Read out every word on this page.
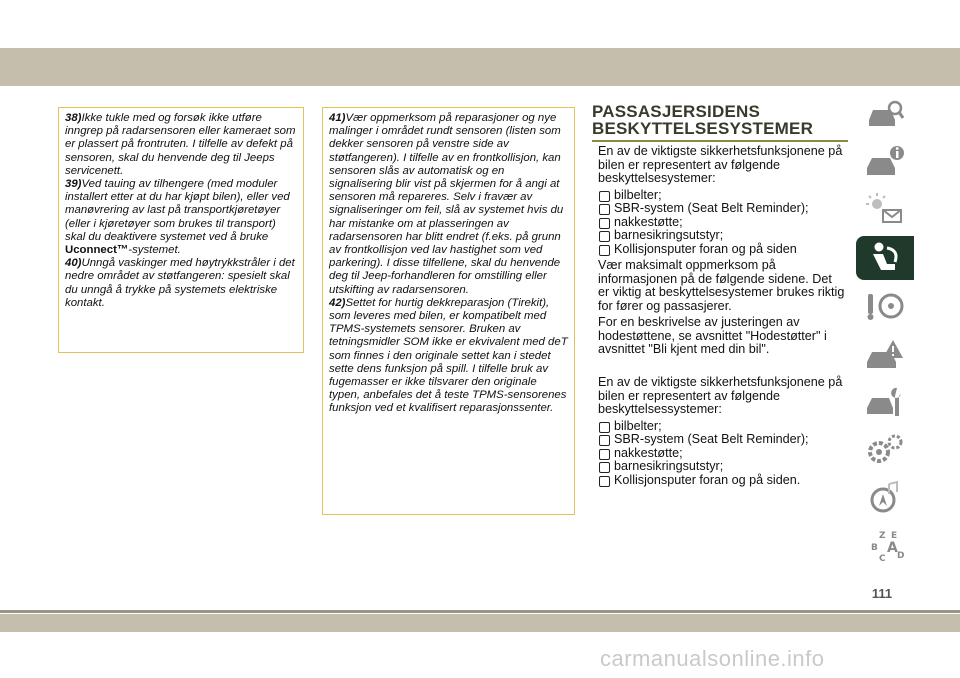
38)Ikke tukle med og forsøk ikke utføre inngrep på radarsensoren eller kameraet som er plassert på frontruten. I tilfelle av defekt på sensoren, skal du henvende deg til Jeeps servicenett.

39)Ved tauing av tilhengere (med moduler installert etter at du har kjøpt bilen), eller ved manøvrering av last på transportkjøretøyer (eller i kjøretøyer som brukes til transport) skal du deaktivere systemet ved å bruke Uconnect™-systemet.

40)Unngå vaskinger med høytrykkstråler i det nedre området av støtfangeren: spesielt skal du unngå å trykke på systemets elektriske kontakt.

41)Vær oppmerksom på reparasjoner og nye malinger i området rundt sensoren (listen som dekker sensoren på venstre side av støtfangeren). I tilfelle av en frontkollisjon, kan sensoren slås av automatisk og en signalisering blir vist på skjermen for å angi at sensoren må repareres. Selv i fravær av signaliseringer om feil, slå av systemet hvis du har mistanke om at plasseringen av radarsensoren har blitt endret (f.eks. på grunn av frontkollisjon ved lav hastighet som ved parkering). I disse tilfellene, skal du henvende deg til Jeep-forhandleren for omstilling eller utskifting av radarsensoren.

42)Settet for hurtig dekkreparasjon (Tirekit), som leveres med bilen, er kompatibelt med TPMS-systemets sensorer. Bruken av tetningsmidler SOM ikke er ekvivalent med deT som finnes i den originale settet kan i stedet sette dens funksjon på spill. I tilfelle bruk av fugemasser er ikke tilsvarer den originale typen, anbefales det å teste TPMS-sensorenes funksjon ved et kvalifisert reparasjonssenter.

PASSASJERSIDENS
BESKYTTELSESYSTEMER

En av de viktigste sikkerhetsfunksjonene på bilen er representert av følgende beskyttelsesystemer:

bilbelter;
SBR-system (Seat Belt Reminder);
nakkestøtte;
barnesikringsutstyr;
Kollisjonsputer foran og på siden

Vær maksimalt oppmerksom på informasjonen på de følgende sidene. Det er viktig at beskyttelsesystemer brukes riktig for fører og passasjerer.

For en beskrivelse av justeringen av hodestøttene, se avsnittet "Hodestøtter" i avsnittet "Bli kjent med din bil".

En av de viktigste sikkerhetsfunksjonene på bilen er representert av følgende beskyttelsessystemer:

bilbelter;
SBR-system (Seat Belt Reminder);
nakkestøtte;
barnesikringsutstyr;
Kollisjonsputer foran og på siden.
Z E
B A
C D
111
carmanualsonline.info
